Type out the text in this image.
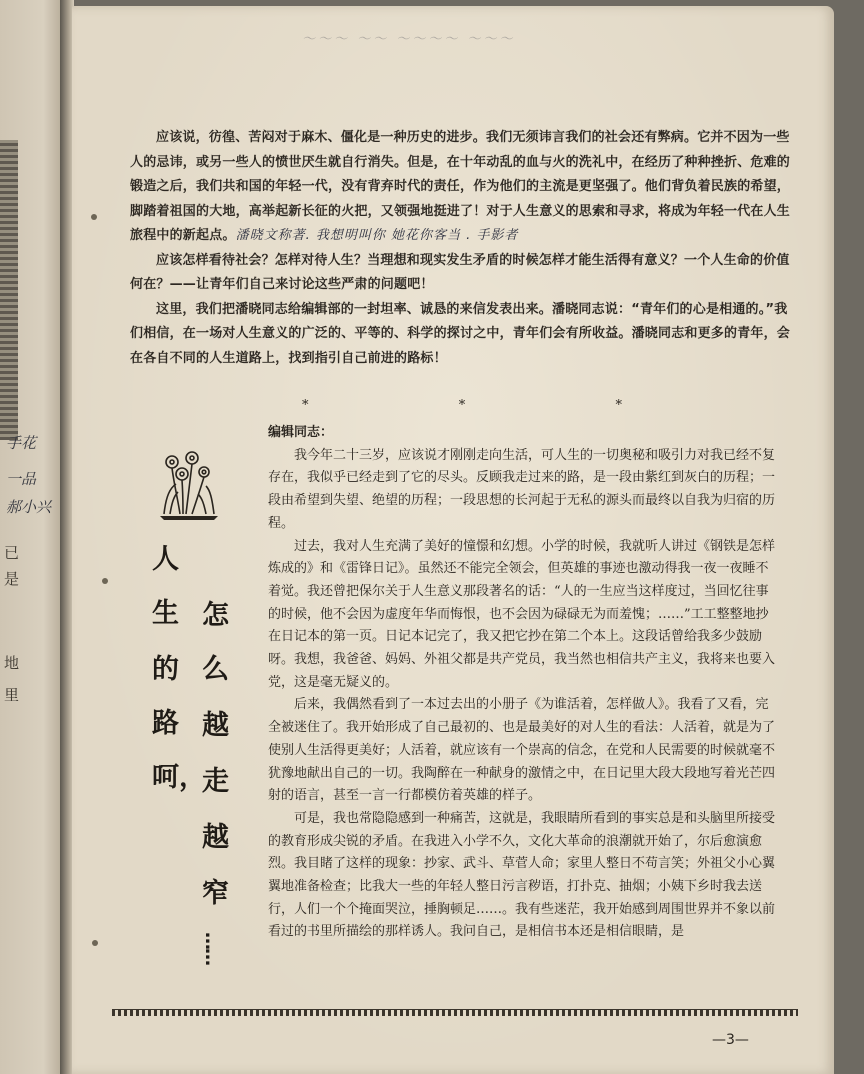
手花
一品
郝小兴
已
是
地
里
～～～ ～～ ～～～～ ～～～

应该说，彷徨、苦闷对于麻木、僵化是一种历史的进步。我们无须讳言我们的社会还有弊病。它并不因为一些人的忌讳，或另一些人的愤世厌生就自行消失。但是，在十年动乱的血与火的洗礼中，在经历了种种挫折、危难的锻造之后，我们共和国的年轻一代，没有背弃时代的责任，作为他们的主流是更坚强了。他们背负着民族的希望，脚踏着祖国的大地，高举起新长征的火把，又领强地挺进了！对于人生意义的思索和寻求，将成为年轻一代在人生旅程中的新起点。潘晓文称著. 我想明叫你 她花你客当 . 手影者

应该怎样看待社会？怎样对待人生？当理想和现实发生矛盾的时候怎样才能生活得有意义？一个人生命的价值何在？——让青年们自己来讨论这些严肃的问题吧！

这里，我们把潘晓同志给编辑部的一封坦率、诚恳的来信发表出来。潘晓同志说：“青年们的心是相通的。”我们相信，在一场对人生意义的广泛的、平等的、科学的探讨之中，青年们会有所收益。潘晓同志和更多的青年，会在各自不同的人生道路上，找到指引自己前进的路标！

*	*	*
人
生
的
路
呵，
怎
么
越
走
越
窄
……

编辑同志：

我今年二十三岁，应该说才刚刚走向生活，可人生的一切奥秘和吸引力对我已经不复存在，我似乎已经走到了它的尽头。反顾我走过来的路，是一段由紫红到灰白的历程；一段由希望到失望、绝望的历程；一段思想的长河起于无私的源头而最终以自我为归宿的历程。

过去，我对人生充满了美好的憧憬和幻想。小学的时候，我就听人讲过《钢铁是怎样炼成的》和《雷锋日记》。虽然还不能完全领会，但英雄的事迹也激动得我一夜一夜睡不着觉。我还曾把保尔关于人生意义那段著名的话：“人的一生应当这样度过，当回忆往事的时候，他不会因为虚度年华而悔恨，也不会因为碌碌无为而羞愧；……”工工整整地抄在日记本的第一页。日记本记完了，我又把它抄在第二个本上。这段话曾给我多少鼓励呀。我想，我爸爸、妈妈、外祖父都是共产党员，我当然也相信共产主义，我将来也要入党，这是毫无疑义的。

后来，我偶然看到了一本过去出的小册子《为谁活着，怎样做人》。我看了又看，完全被迷住了。我开始形成了自己最初的、也是最美好的对人生的看法：人活着，就是为了使别人生活得更美好；人活着，就应该有一个崇高的信念，在党和人民需要的时候就毫不犹豫地献出自己的一切。我陶醉在一种献身的激情之中，在日记里大段大段地写着光芒四射的语言，甚至一言一行都模仿着英雄的样子。

可是，我也常隐隐感到一种痛苦，这就是，我眼睛所看到的事实总是和头脑里所接受的教育形成尖锐的矛盾。在我进入小学不久，文化大革命的浪潮就开始了，尔后愈演愈烈。我目睹了这样的现象：抄家、武斗、草菅人命；家里人整日不苟言笑；外祖父小心翼翼地准备检查；比我大一些的年轻人整日污言秽语，打扑克、抽烟；小姨下乡时我去送行，人们一个个掩面哭泣，捶胸顿足……。我有些迷茫，我开始感到周围世界并不象以前看过的书里所描绘的那样诱人。我问自己，是相信书本还是相信眼睛，是

—3—
